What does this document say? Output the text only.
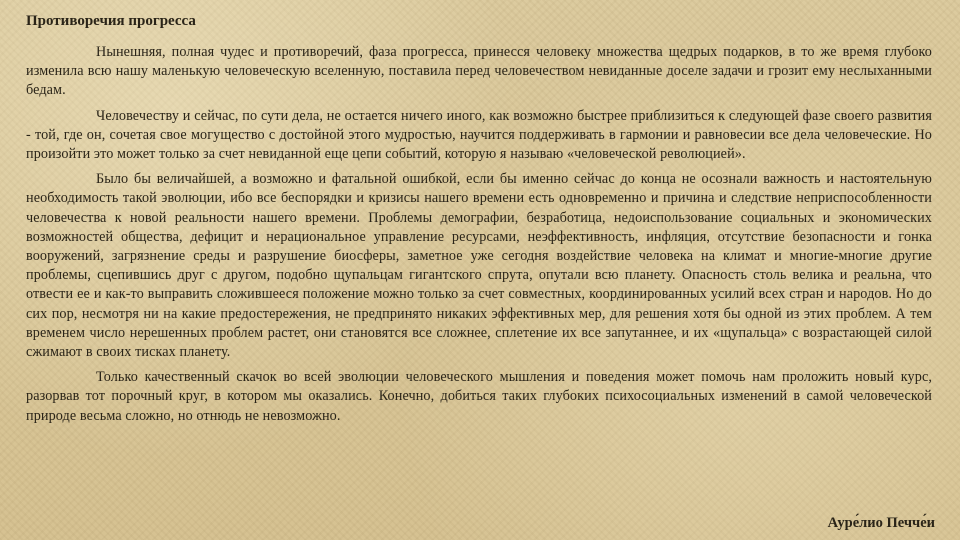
Противоречия прогресса

Нынешняя, полная чудес и противоречий, фаза прогресса, принесся человеку множества щедрых подарков, в то же время глубоко изменила всю нашу маленькую человеческую вселенную, поставила перед человечеством невиданные доселе задачи и грозит ему неслыханными бедам.

Человечеству и сейчас, по сути дела, не остается ничего иного, как возможно быстрее приблизиться к следующей фазе своего развития - той, где он, сочетая свое могущество с достойной этого мудростью, научится поддерживать в гармонии и равновесии все дела человеческие. Но произойти это может только за счет невиданной еще цепи событий, которую я называю «человеческой революцией».

Было бы величайшей, а возможно и фатальной ошибкой, если бы именно сейчас до конца не осознали важность и настоятельную необходимость такой эволюции, ибо все беспорядки и кризисы нашего времени есть одновременно и причина и следствие неприспособленности человечества к новой реальности нашего времени. Проблемы демографии, безработица, недоиспользование социальных и экономических возможностей общества, дефицит и нерациональное управление ресурсами, неэффективность, инфляция, отсутствие безопасности и гонка вооружений, загрязнение среды и разрушение биосферы, заметное уже сегодня воздействие человека на климат и многие-многие другие проблемы, сцепившись друг с другом, подобно щупальцам гигантского спрута, опутали всю планету. Опасность столь велика и реальна, что отвести ее и как-то выправить сложившееся положение можно только за счет совместных, координированных усилий всех стран и народов. Но до сих пор, несмотря ни на какие предостережения, не предпринято никаких эффективных мер, для решения хотя бы одной из этих проблем. А тем временем число нерешенных проблем растет, они становятся все сложнее, сплетение их все запутаннее, и их «щупальца» с возрастающей силой сжимают в своих тисках планету.

Только качественный скачок во всей эволюции человеческого мышления и поведения может помочь нам проложить новый курс, разорвав тот порочный круг, в котором мы оказались. Конечно, добиться таких глубоких психосоциальных изменений в самой человеческой природе весьма сложно, но отнюдь не невозможно.

Ауре́лио Печче́и
